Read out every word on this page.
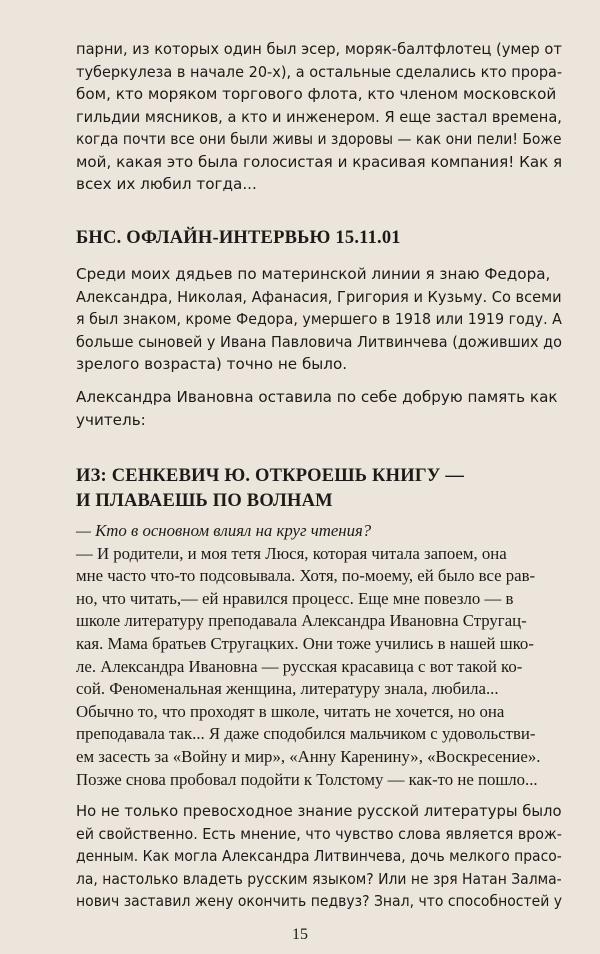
парни, из которых один был эсер, моряк-балтфлотец (умер от
туберкулеза в начале 20-х), а остальные сделались кто прора-
бом, кто моряком торгового флота, кто членом московской
гильдии мясников, а кто и инженером. Я еще застал времена,
когда почти все они были живы и здоровы — как они пели! Боже
мой, какая это была голосистая и красивая компания! Как я
всех их любил тогда...
БНС. ОФЛАЙН-ИНТЕРВЬЮ 15.11.01
Среди моих дядьев по материнской линии я знаю Федора,
Александра, Николая, Афанасия, Григория и Кузьму. Со всеми
я был знаком, кроме Федора, умершего в 1918 или 1919 году. А
больше сыновей у Ивана Павловича Литвинчева (доживших до
зрелого возраста) точно не было.
Александра Ивановна оставила по себе добрую память как
учитель:
ИЗ: СЕНКЕВИЧ Ю. ОТКРОЕШЬ КНИГУ —
И ПЛАВАЕШЬ ПО ВОЛНАМ
— Кто в основном влиял на круг чтения?
— И родители, и моя тетя Люся, которая читала запоем, она
мне часто что-то подсовывала. Хотя, по-моему, ей было все рав-
но, что читать,— ей нравился процесс. Еще мне повезло — в
школе литературу преподавала Александра Ивановна Стругац-
кая. Мама братьев Стругацких. Они тоже учились в нашей шко-
ле. Александра Ивановна — русская красавица с вот такой ко-
сой. Феноменальная женщина, литературу знала, любила...
Обычно то, что проходят в школе, читать не хочется, но она
преподавала так... Я даже сподобился мальчиком с удовольстви-
ем засесть за «Войну и мир», «Анну Каренину», «Воскресение».
Позже снова пробовал подойти к Толстому — как-то не пошло...
Но не только превосходное знание русской литературы было
ей свойственно. Есть мнение, что чувство слова является врож-
денным. Как могла Александра Литвинчева, дочь мелкого прасо-
ла, настолько владеть русским языком? Или не зря Натан Залма-
нович заставил жену окончить педвуз? Знал, что способностей у
15
